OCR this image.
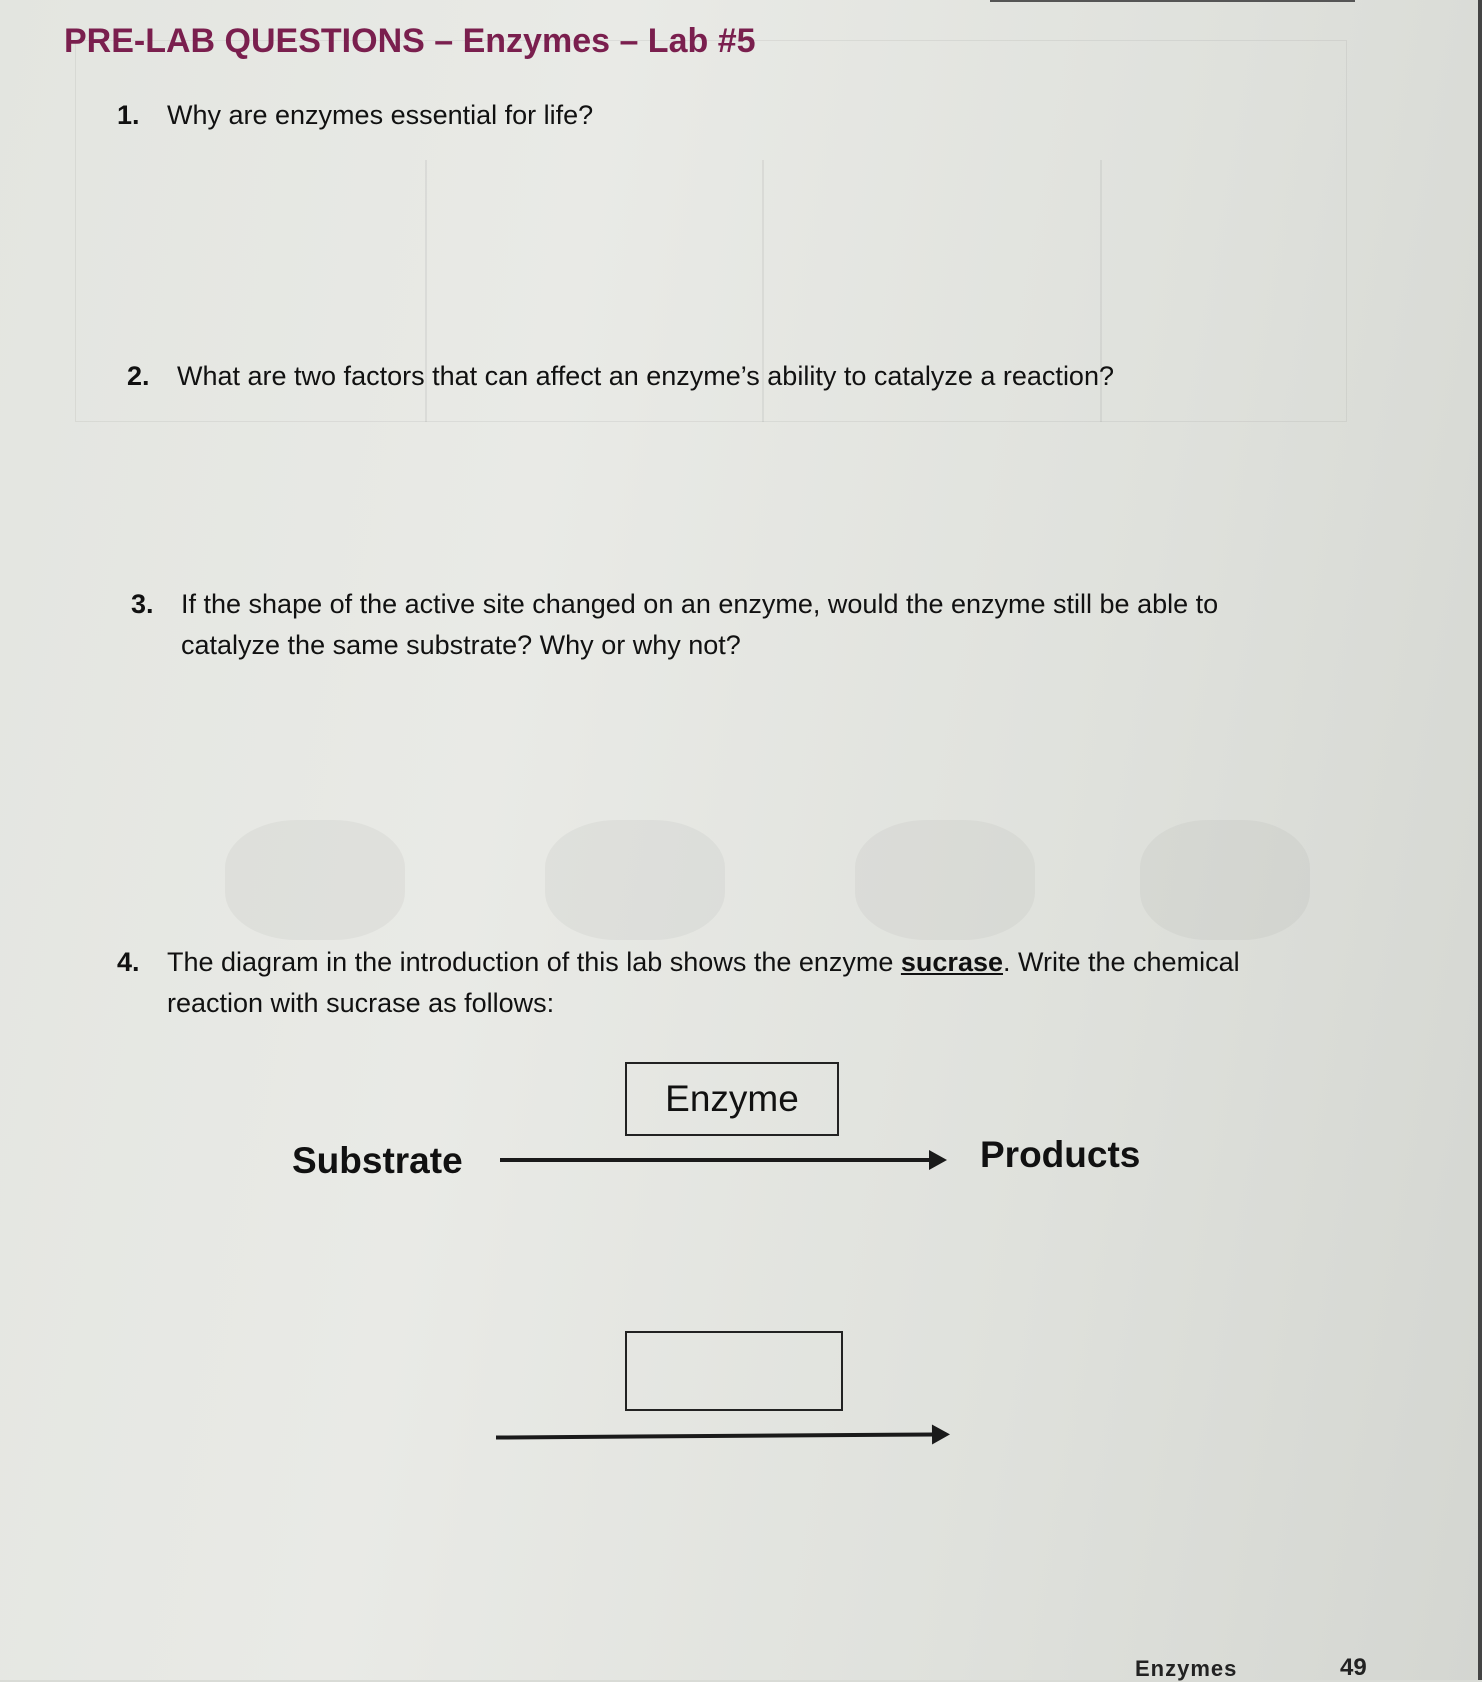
PRE-LAB QUESTIONS – Enzymes – Lab #5
1. Why are enzymes essential for life?
2. What are two factors that can affect an enzyme’s ability to catalyze a reaction?
3. If the shape of the active site changed on an enzyme, would the enzyme still be able to
catalyze the same substrate? Why or why not?
4. The diagram in the introduction of this lab shows the enzyme sucrase. Write the chemical
reaction with sucrase as follows:
Enzyme
Substrate	Products
Enzymes	49
